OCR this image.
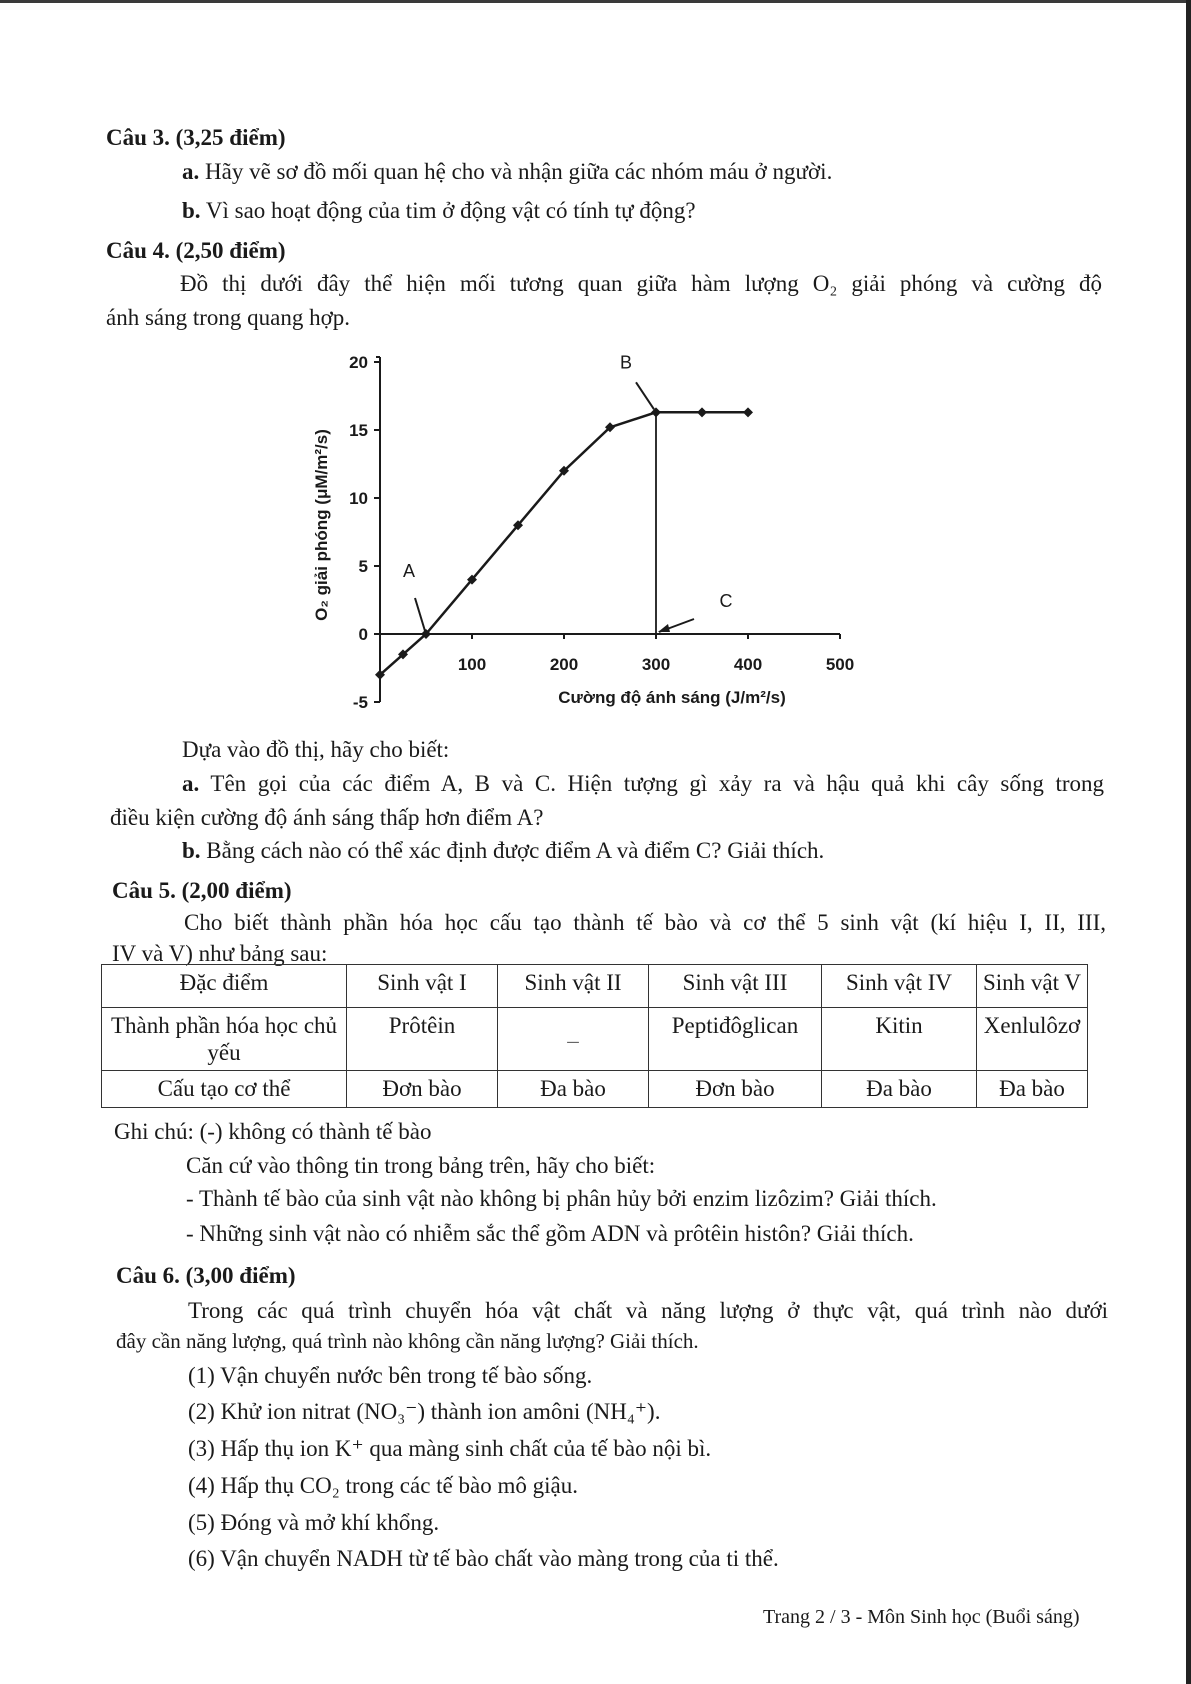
Câu 3. (3,25 điểm)
a. Hãy vẽ sơ đồ mối quan hệ cho và nhận giữa các nhóm máu ở người.
b. Vì sao hoạt động của tim ở động vật có tính tự động?
Câu 4. (2,50 điểm)
Đồ thị dưới đây thể hiện mối tương quan giữa hàm lượng O₂ giải phóng và cường độ
ánh sáng trong quang hợp.
20
15
10
5
0
-5
100	200	300	400	500
A
B
C
O₂ giải phóng (μM/m²/s)
Cường độ ánh sáng (J/m²/s)
Dựa vào đồ thị, hãy cho biết:
a. Tên gọi của các điểm A, B và C. Hiện tượng gì xảy ra và hậu quả khi cây sống trong
điều kiện cường độ ánh sáng thấp hơn điểm A?
b. Bằng cách nào có thể xác định được điểm A và điểm C? Giải thích.
Câu 5. (2,00 điểm)
Cho biết thành phần hóa học cấu tạo thành tế bào và cơ thể 5 sinh vật (kí hiệu I, II, III,
IV và V) như bảng sau:
Đặc điểm	Sinh vật I	Sinh vật II	Sinh vật III	Sinh vật IV	Sinh vật V
Thành phần hóa học chủ yếu	Prôtêin	–	Peptiđôglican	Kitin	Xenlulôzơ
Cấu tạo cơ thể	Đơn bào	Đa bào	Đơn bào	Đa bào	Đa bào
Ghi chú: (-) không có thành tế bào
Căn cứ vào thông tin trong bảng trên, hãy cho biết:
- Thành tế bào của sinh vật nào không bị phân hủy bởi enzim lizôzim? Giải thích.
- Những sinh vật nào có nhiễm sắc thể gồm ADN và prôtêin histôn? Giải thích.
Câu 6. (3,00 điểm)
Trong các quá trình chuyển hóa vật chất và năng lượng ở thực vật, quá trình nào dưới
đây cần năng lượng, quá trình nào không cần năng lượng? Giải thích.
(1) Vận chuyển nước bên trong tế bào sống.
(2) Khử ion nitrat (NO₃⁻) thành ion amôni (NH₄⁺).
(3) Hấp thụ ion K⁺ qua màng sinh chất của tế bào nội bì.
(4) Hấp thụ CO₂ trong các tế bào mô giậu.
(5) Đóng và mở khí khổng.
(6) Vận chuyển NADH từ tế bào chất vào màng trong của ti thể.
Trang 2 / 3 - Môn Sinh học (Buổi sáng)
